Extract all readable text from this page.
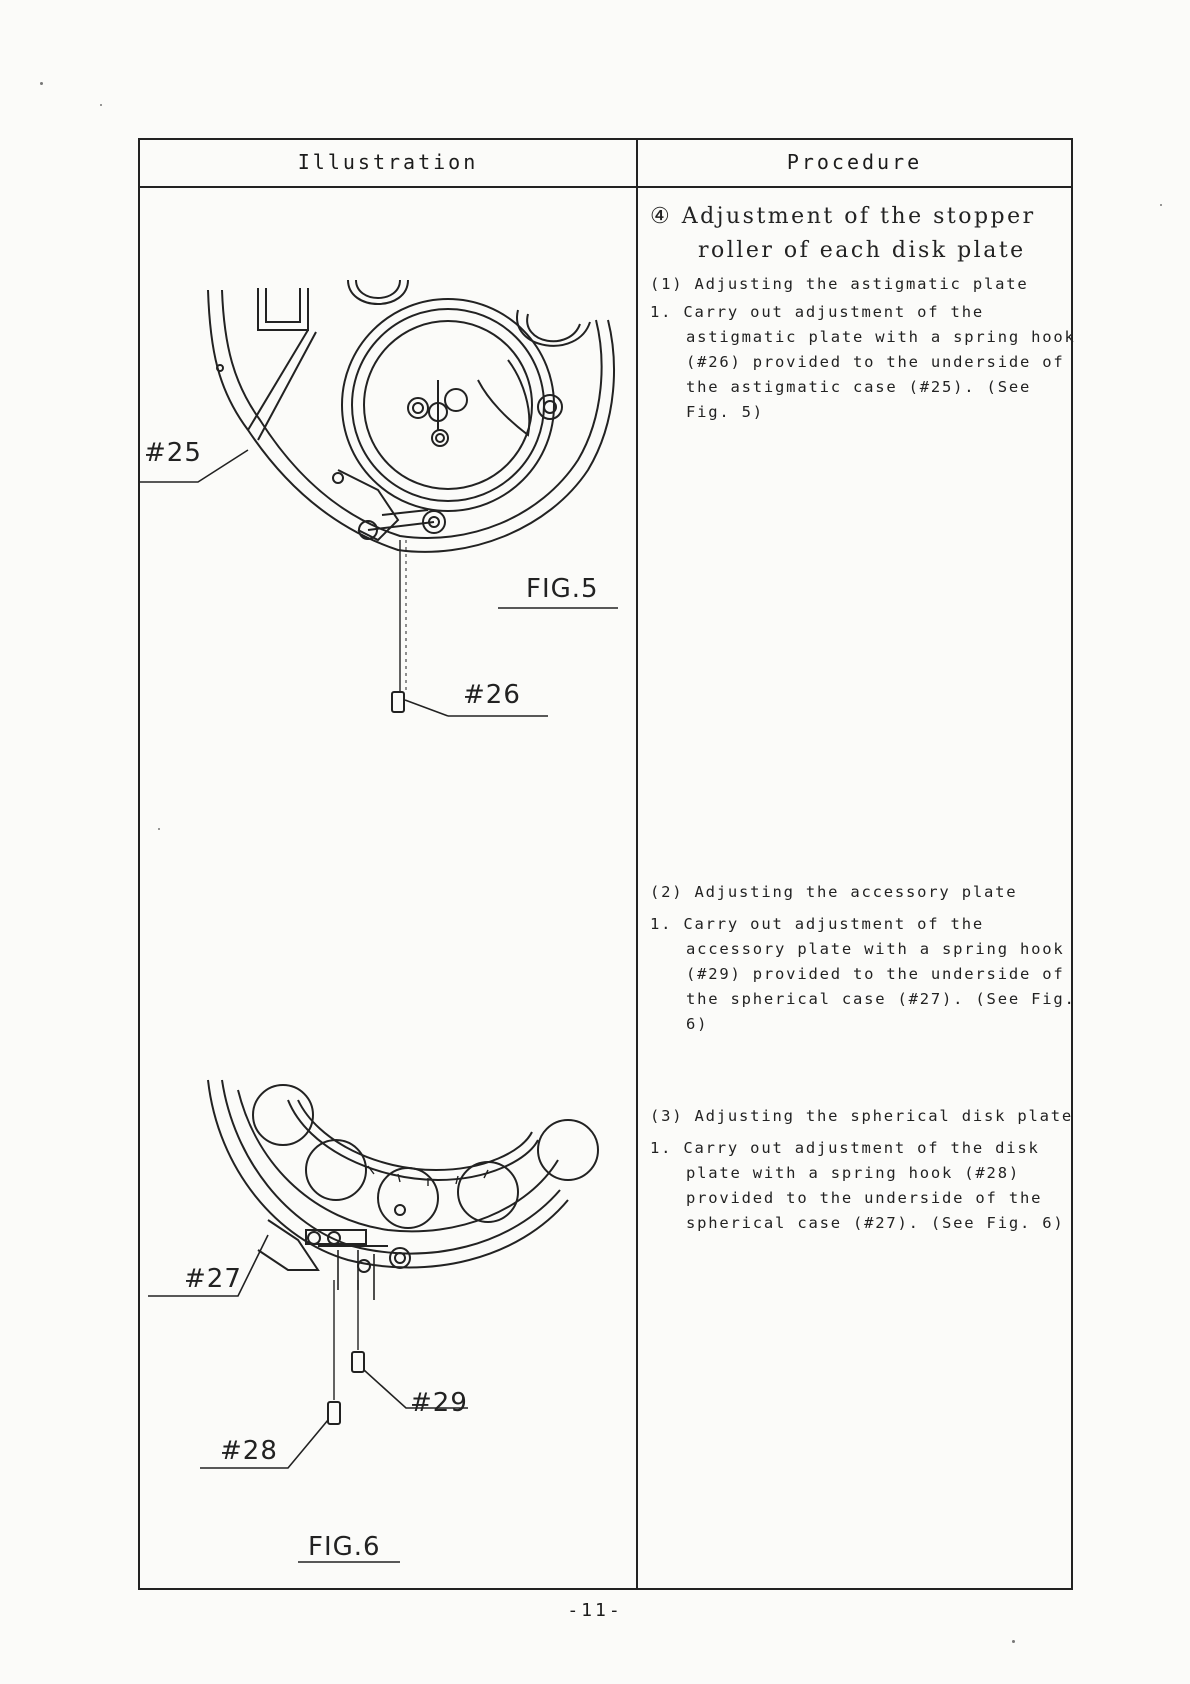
Illustration	Procedure
④ Adjustment of the stopper
roller of each disk plate
(1) Adjusting the astigmatic plate
1. Carry out adjustment of the astigmatic plate with a spring hook (#26) provided to the underside of the astigmatic case (#25). (See Fig. 5)
(2) Adjusting the accessory plate
1. Carry out adjustment of the accessory plate with a spring hook (#29) provided to the underside of the spherical case (#27). (See Fig. 6)
(3) Adjusting the spherical disk plate
1. Carry out adjustment of the disk plate with a spring hook (#28) provided to the underside of the spherical case (#27). (See Fig. 6)
#25
#26
FIG.5
#27
#29
#28
FIG.6
-11-
